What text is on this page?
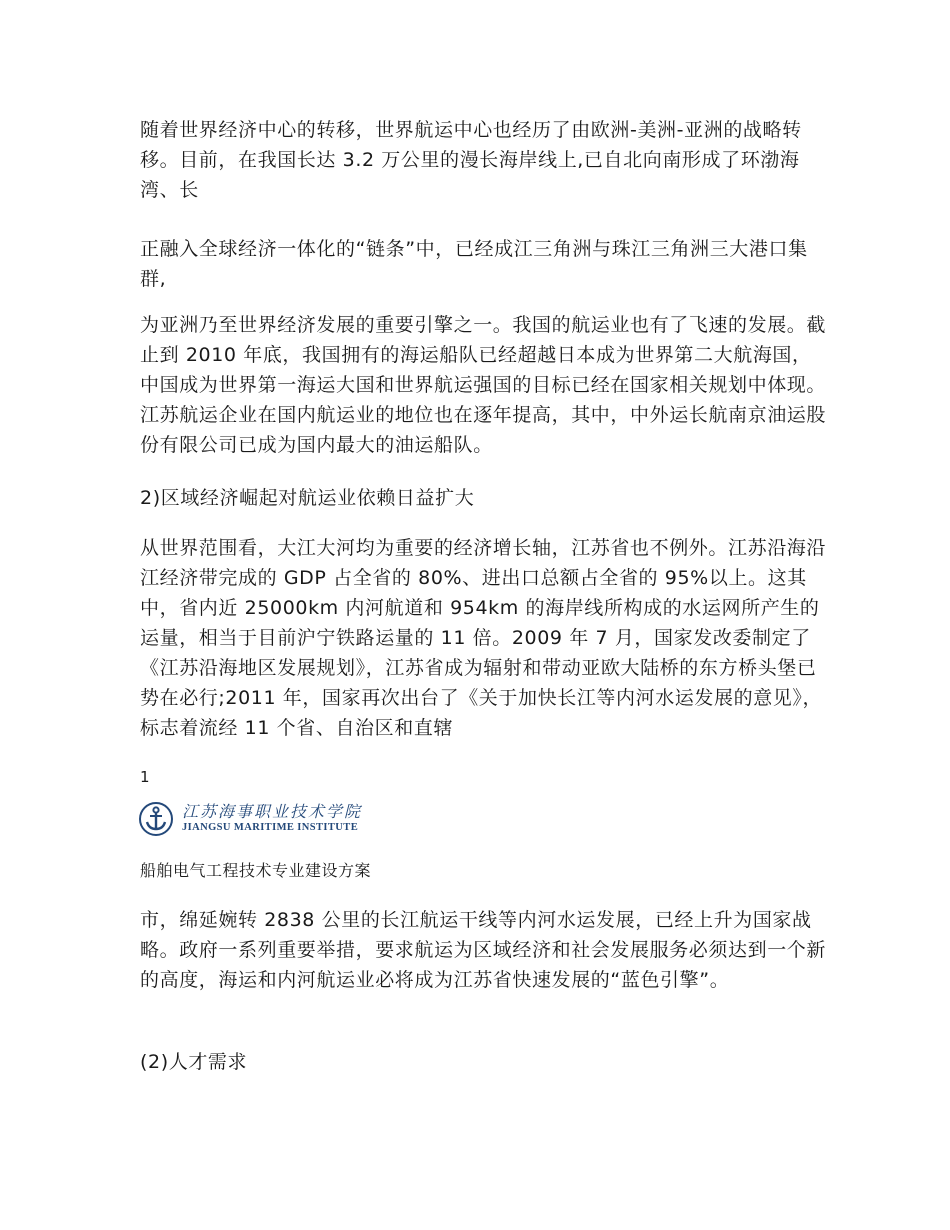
随着世界经济中心的转移，世界航运中心也经历了由欧洲-美洲-亚洲的战略转移。目前，在我国长达 3.2 万公里的漫长海岸线上,已自北向南形成了环渤海湾、长

正融入全球经济一体化的“链条”中，已经成江三角洲与珠江三角洲三大港口集群,

为亚洲乃至世界经济发展的重要引擎之一。我国的航运业也有了飞速的发展。截止到 2010 年底，我国拥有的海运船队已经超越日本成为世界第二大航海国，中国成为世界第一海运大国和世界航运强国的目标已经在国家相关规划中体现。江苏航运企业在国内航运业的地位也在逐年提高，其中，中外运长航南京油运股份有限公司已成为国内最大的油运船队。

2)区域经济崛起对航运业依赖日益扩大

从世界范围看，大江大河均为重要的经济增长轴，江苏省也不例外。江苏沿海沿江经济带完成的 GDP 占全省的 80%、进出口总额占全省的 95%以上。这其中，省内近 25000km 内河航道和 954km 的海岸线所构成的水运网所产生的运量，相当于目前沪宁铁路运量的 11 倍。2009 年 7 月，国家发改委制定了《江苏沿海地区发展规划》，江苏省成为辐射和带动亚欧大陆桥的东方桥头堡已势在必行;2011 年，国家再次出台了《关于加快长江等内河水运发展的意见》，标志着流经 11 个省、自治区和直辖

1
江苏海事职业技术学院
JIANGSU MARITIME INSTITUTE
船舶电气工程技术专业建设方案

市，绵延婉转 2838 公里的长江航运干线等内河水运发展，已经上升为国家战略。政府一系列重要举措，要求航运为区域经济和社会发展服务必须达到一个新的高度，海运和内河航运业必将成为江苏省快速发展的“蓝色引擎”。

(2)人才需求
